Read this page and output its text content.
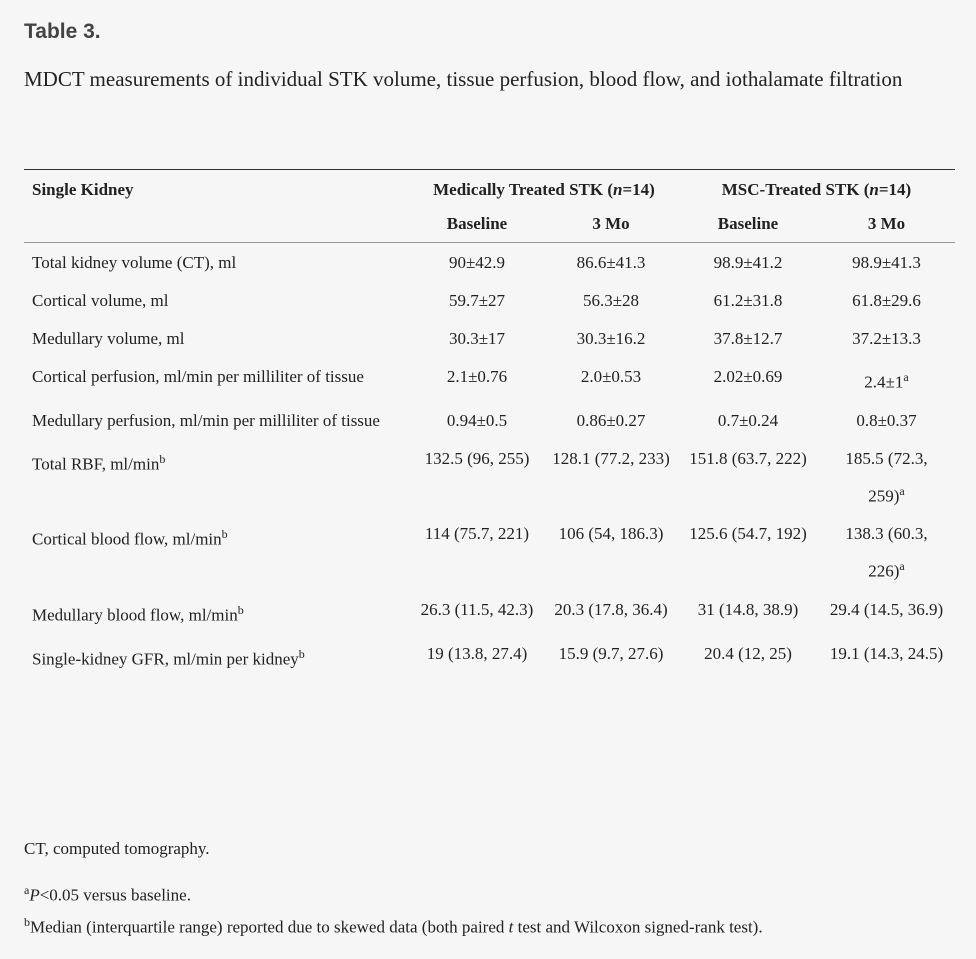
Table 3.
MDCT measurements of individual STK volume, tissue perfusion, blood flow, and iothalamate filtration
Single Kidney	Medically Treated STK (n=14)		MSC-Treated STK (n=14)	
	Baseline	3 Mo	Baseline	3 Mo
Total kidney volume (CT), ml	90±42.9	86.6±41.3	98.9±41.2	98.9±41.3
Cortical volume, ml	59.7±27	56.3±28	61.2±31.8	61.8±29.6
Medullary volume, ml	30.3±17	30.3±16.2	37.8±12.7	37.2±13.3
Cortical perfusion, ml/min per milliliter of tissue	2.1±0.76	2.0±0.53	2.02±0.69	$2.4\pm 1^a$
Medullary perfusion, ml/min per milliliter of tissue	0.94±0.5	0.86±0.27	0.7±0.24	0.8±0.37
Total RBF, $ml/\min^b$	132.5 (96, 255)	128.1 (77.2, 233)	151.8 (63.7, 222)	185.5 (72.3, 259)$^a$
Cortical blood flow, $ml/\min^b$	114 (75.7, 221)	106 (54, 186.3)	125.6 (54.7, 192)	138.3 (60.3, 226)$^a$
Medullary blood flow, $ml/\min^b$	26.3 (11.5, 42.3)	20.3 (17.8, 36.4)	31 (14.8, 38.9)	29.4 (14.5, 36.9)
Single-kidney GFR, ml/min per kidney$^b$	19 (13.8, 27.4)	15.9 (9.7, 27.6)	20.4 (12, 25)	19.1 (14.3, 24.5)
CT, computed tomography.
$^a$P<0.05 versus baseline.
$^b$Median (interquartile range) reported due to skewed data (both paired t test and Wilcoxon signed-rank test).
